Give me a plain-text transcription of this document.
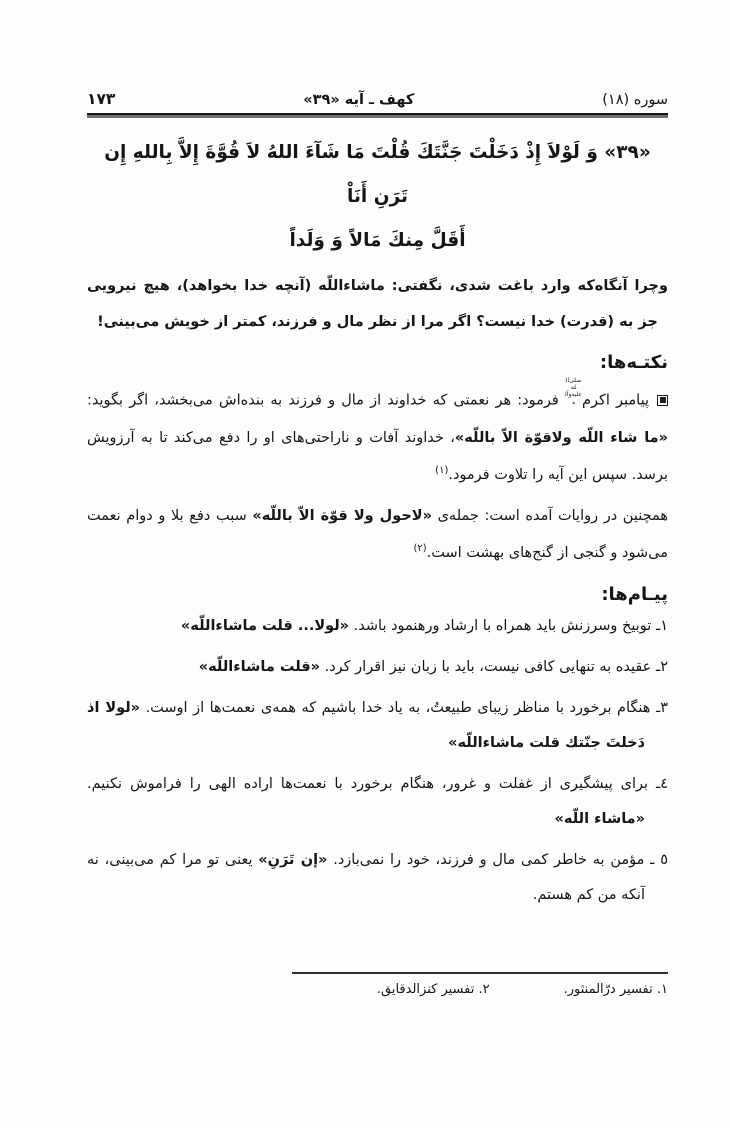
سوره (۱۸)
کهف ـ آیه «۳۹»
۱۷۳
«۳۹» وَ لَوْلاَ إِذْ دَخَلْتَ جَنَّتَكَ قُلْتَ مَا شَآءَ اللهُ لاَ قُوَّةَ إِلاَّ بِاللهِ إِن تَرَنِ أَنَاْ
أَقَلَّ مِنكَ مَالاً وَ وَلَداً
وچرا آنگاه‌که وارد باغت شدی، نگفتی: ماشاءاللّه (آنچه خدا بخواهد)، هیچ نیرویی جز به (قدرت) خدا نیست؟ اگر مرا از نظر مال و فرزند، کمتر از خویش می‌بینی!
نکتـه‌ها:
پیامبر اکرمصلى‌الله عليه‌وآله فرمود: هر نعمتی که خداوند از مال و فرزند به بنده‌اش می‌بخشد، اگر بگوید: «ما شاء اللّه ولاقوّة الاّ باللّه»، خداوند آفات و ناراحتی‌های او را دفع می‌کند تا به آرزویش برسد. سپس این آیه را تلاوت فرمود.$^{(۱)}$
همچنین در روایات آمده است: جمله‌ی «لاحول ولا قوّة الاّ باللّه» سبب دفع بلا و دوام نعمت می‌شود و گنجی از گنج‌های بهشت است.$^{(۲)}$
پیـام‌ها:
۱ـ توبیخ وسرزنش باید همراه با ارشاد ورهنمود باشد. «لولا... قلت ماشاءاللّه»
۲ـ عقیده به تنهایی کافی نیست، باید با زبان نیز اقرار کرد. «قلت ماشاءاللّه»
۳ـ هنگام برخورد با مناظر زیبای طبیعتُ، به یاد خدا باشیم که همه‌ی نعمت‌ها از اوست. «لولا اذ دَخلتَ جنّتك قلت ماشاءاللّه»
٤ـ برای پیشگیری از غفلت و غرور، هنگام برخورد با نعمت‌ها اراده الهی را فراموش نکنیم. «ماشاء اللّه»
٥ ـ مؤمن به خاطر کمی مال و فرزند، خود را نمی‌بازد. «إن تَرَنِ» یعنی تو مرا کم می‌بینی، نه آنکه من کم هستم.
۱. تفسیر درّالمنثور.
۲. تفسیر کنزالدقایق.
